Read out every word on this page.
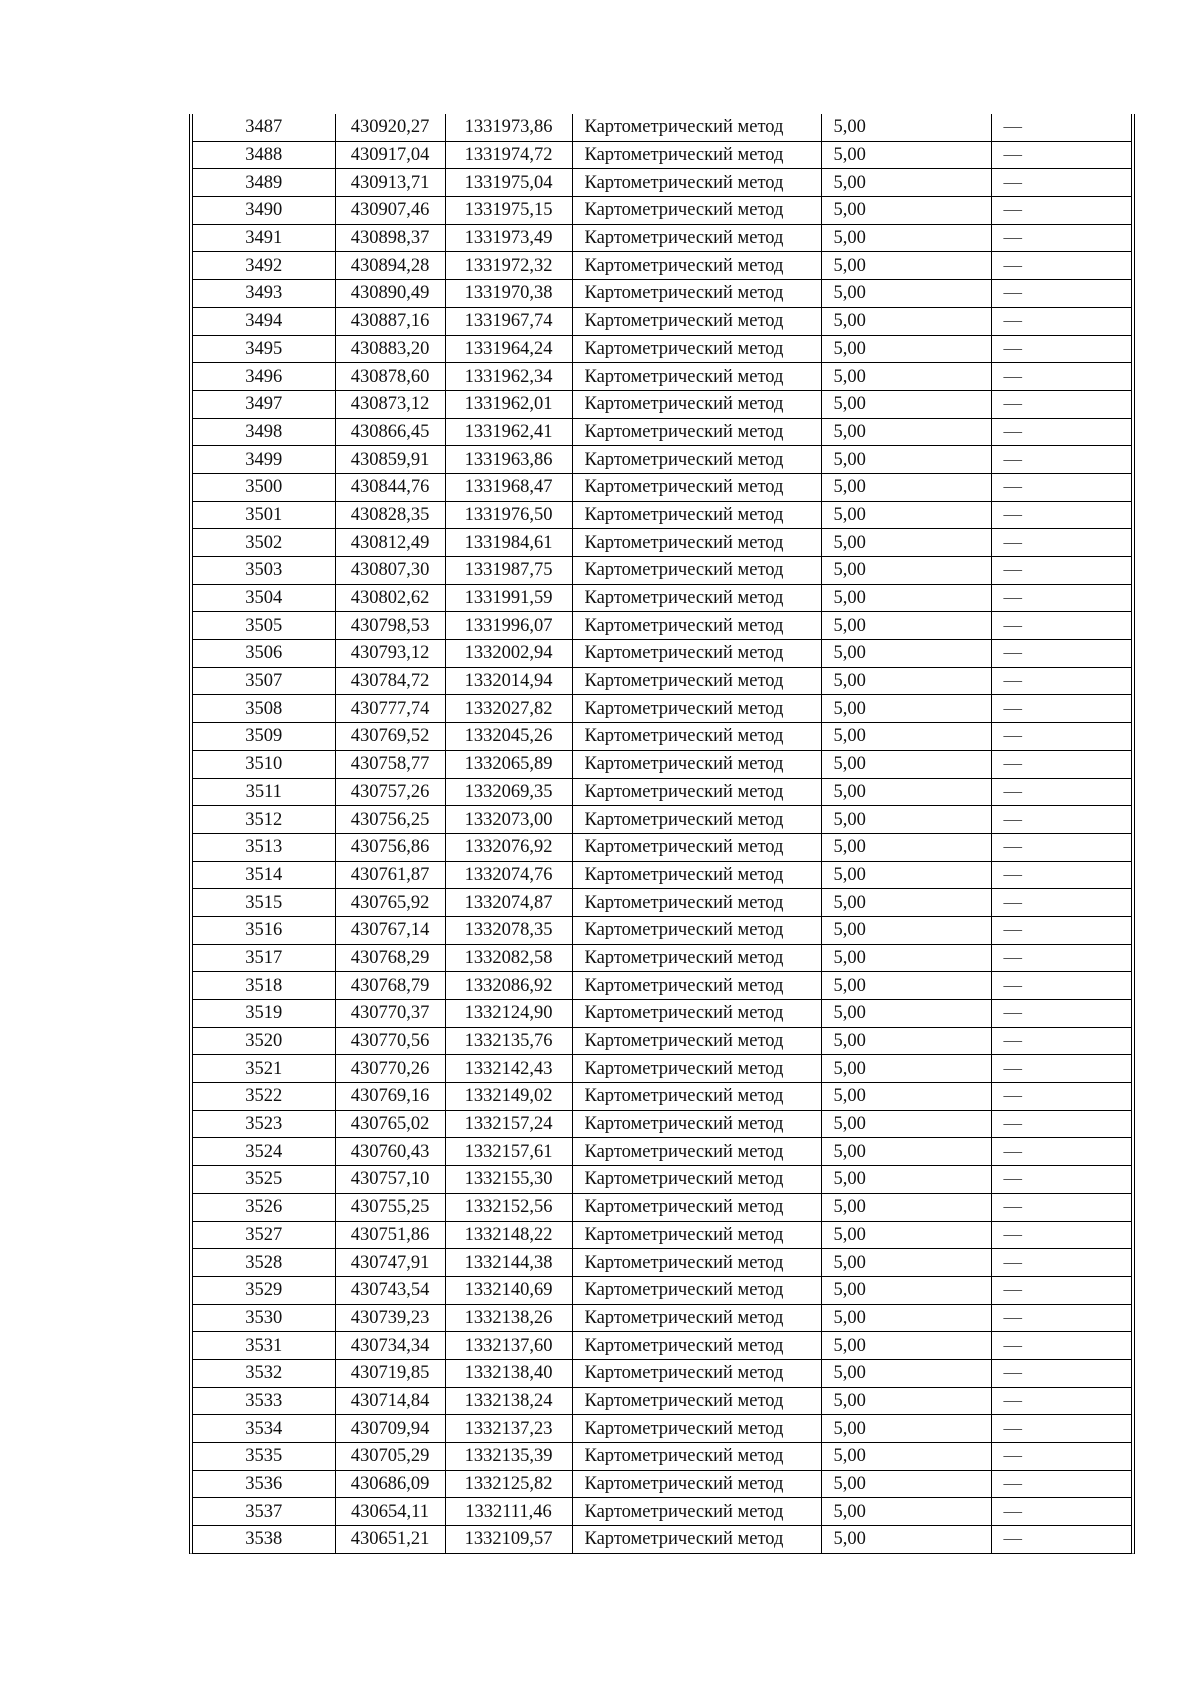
3487	430920,27	1331973,86	Картометрический метод	5,00	—
3488	430917,04	1331974,72	Картометрический метод	5,00	—
3489	430913,71	1331975,04	Картометрический метод	5,00	—
3490	430907,46	1331975,15	Картометрический метод	5,00	—
3491	430898,37	1331973,49	Картометрический метод	5,00	—
3492	430894,28	1331972,32	Картометрический метод	5,00	—
3493	430890,49	1331970,38	Картометрический метод	5,00	—
3494	430887,16	1331967,74	Картометрический метод	5,00	—
3495	430883,20	1331964,24	Картометрический метод	5,00	—
3496	430878,60	1331962,34	Картометрический метод	5,00	—
3497	430873,12	1331962,01	Картометрический метод	5,00	—
3498	430866,45	1331962,41	Картометрический метод	5,00	—
3499	430859,91	1331963,86	Картометрический метод	5,00	—
3500	430844,76	1331968,47	Картометрический метод	5,00	—
3501	430828,35	1331976,50	Картометрический метод	5,00	—
3502	430812,49	1331984,61	Картометрический метод	5,00	—
3503	430807,30	1331987,75	Картометрический метод	5,00	—
3504	430802,62	1331991,59	Картометрический метод	5,00	—
3505	430798,53	1331996,07	Картометрический метод	5,00	—
3506	430793,12	1332002,94	Картометрический метод	5,00	—
3507	430784,72	1332014,94	Картометрический метод	5,00	—
3508	430777,74	1332027,82	Картометрический метод	5,00	—
3509	430769,52	1332045,26	Картометрический метод	5,00	—
3510	430758,77	1332065,89	Картометрический метод	5,00	—
3511	430757,26	1332069,35	Картометрический метод	5,00	—
3512	430756,25	1332073,00	Картометрический метод	5,00	—
3513	430756,86	1332076,92	Картометрический метод	5,00	—
3514	430761,87	1332074,76	Картометрический метод	5,00	—
3515	430765,92	1332074,87	Картометрический метод	5,00	—
3516	430767,14	1332078,35	Картометрический метод	5,00	—
3517	430768,29	1332082,58	Картометрический метод	5,00	—
3518	430768,79	1332086,92	Картометрический метод	5,00	—
3519	430770,37	1332124,90	Картометрический метод	5,00	—
3520	430770,56	1332135,76	Картометрический метод	5,00	—
3521	430770,26	1332142,43	Картометрический метод	5,00	—
3522	430769,16	1332149,02	Картометрический метод	5,00	—
3523	430765,02	1332157,24	Картометрический метод	5,00	—
3524	430760,43	1332157,61	Картометрический метод	5,00	—
3525	430757,10	1332155,30	Картометрический метод	5,00	—
3526	430755,25	1332152,56	Картометрический метод	5,00	—
3527	430751,86	1332148,22	Картометрический метод	5,00	—
3528	430747,91	1332144,38	Картометрический метод	5,00	—
3529	430743,54	1332140,69	Картометрический метод	5,00	—
3530	430739,23	1332138,26	Картометрический метод	5,00	—
3531	430734,34	1332137,60	Картометрический метод	5,00	—
3532	430719,85	1332138,40	Картометрический метод	5,00	—
3533	430714,84	1332138,24	Картометрический метод	5,00	—
3534	430709,94	1332137,23	Картометрический метод	5,00	—
3535	430705,29	1332135,39	Картометрический метод	5,00	—
3536	430686,09	1332125,82	Картометрический метод	5,00	—
3537	430654,11	1332111,46	Картометрический метод	5,00	—
3538	430651,21	1332109,57	Картометрический метод	5,00	—
